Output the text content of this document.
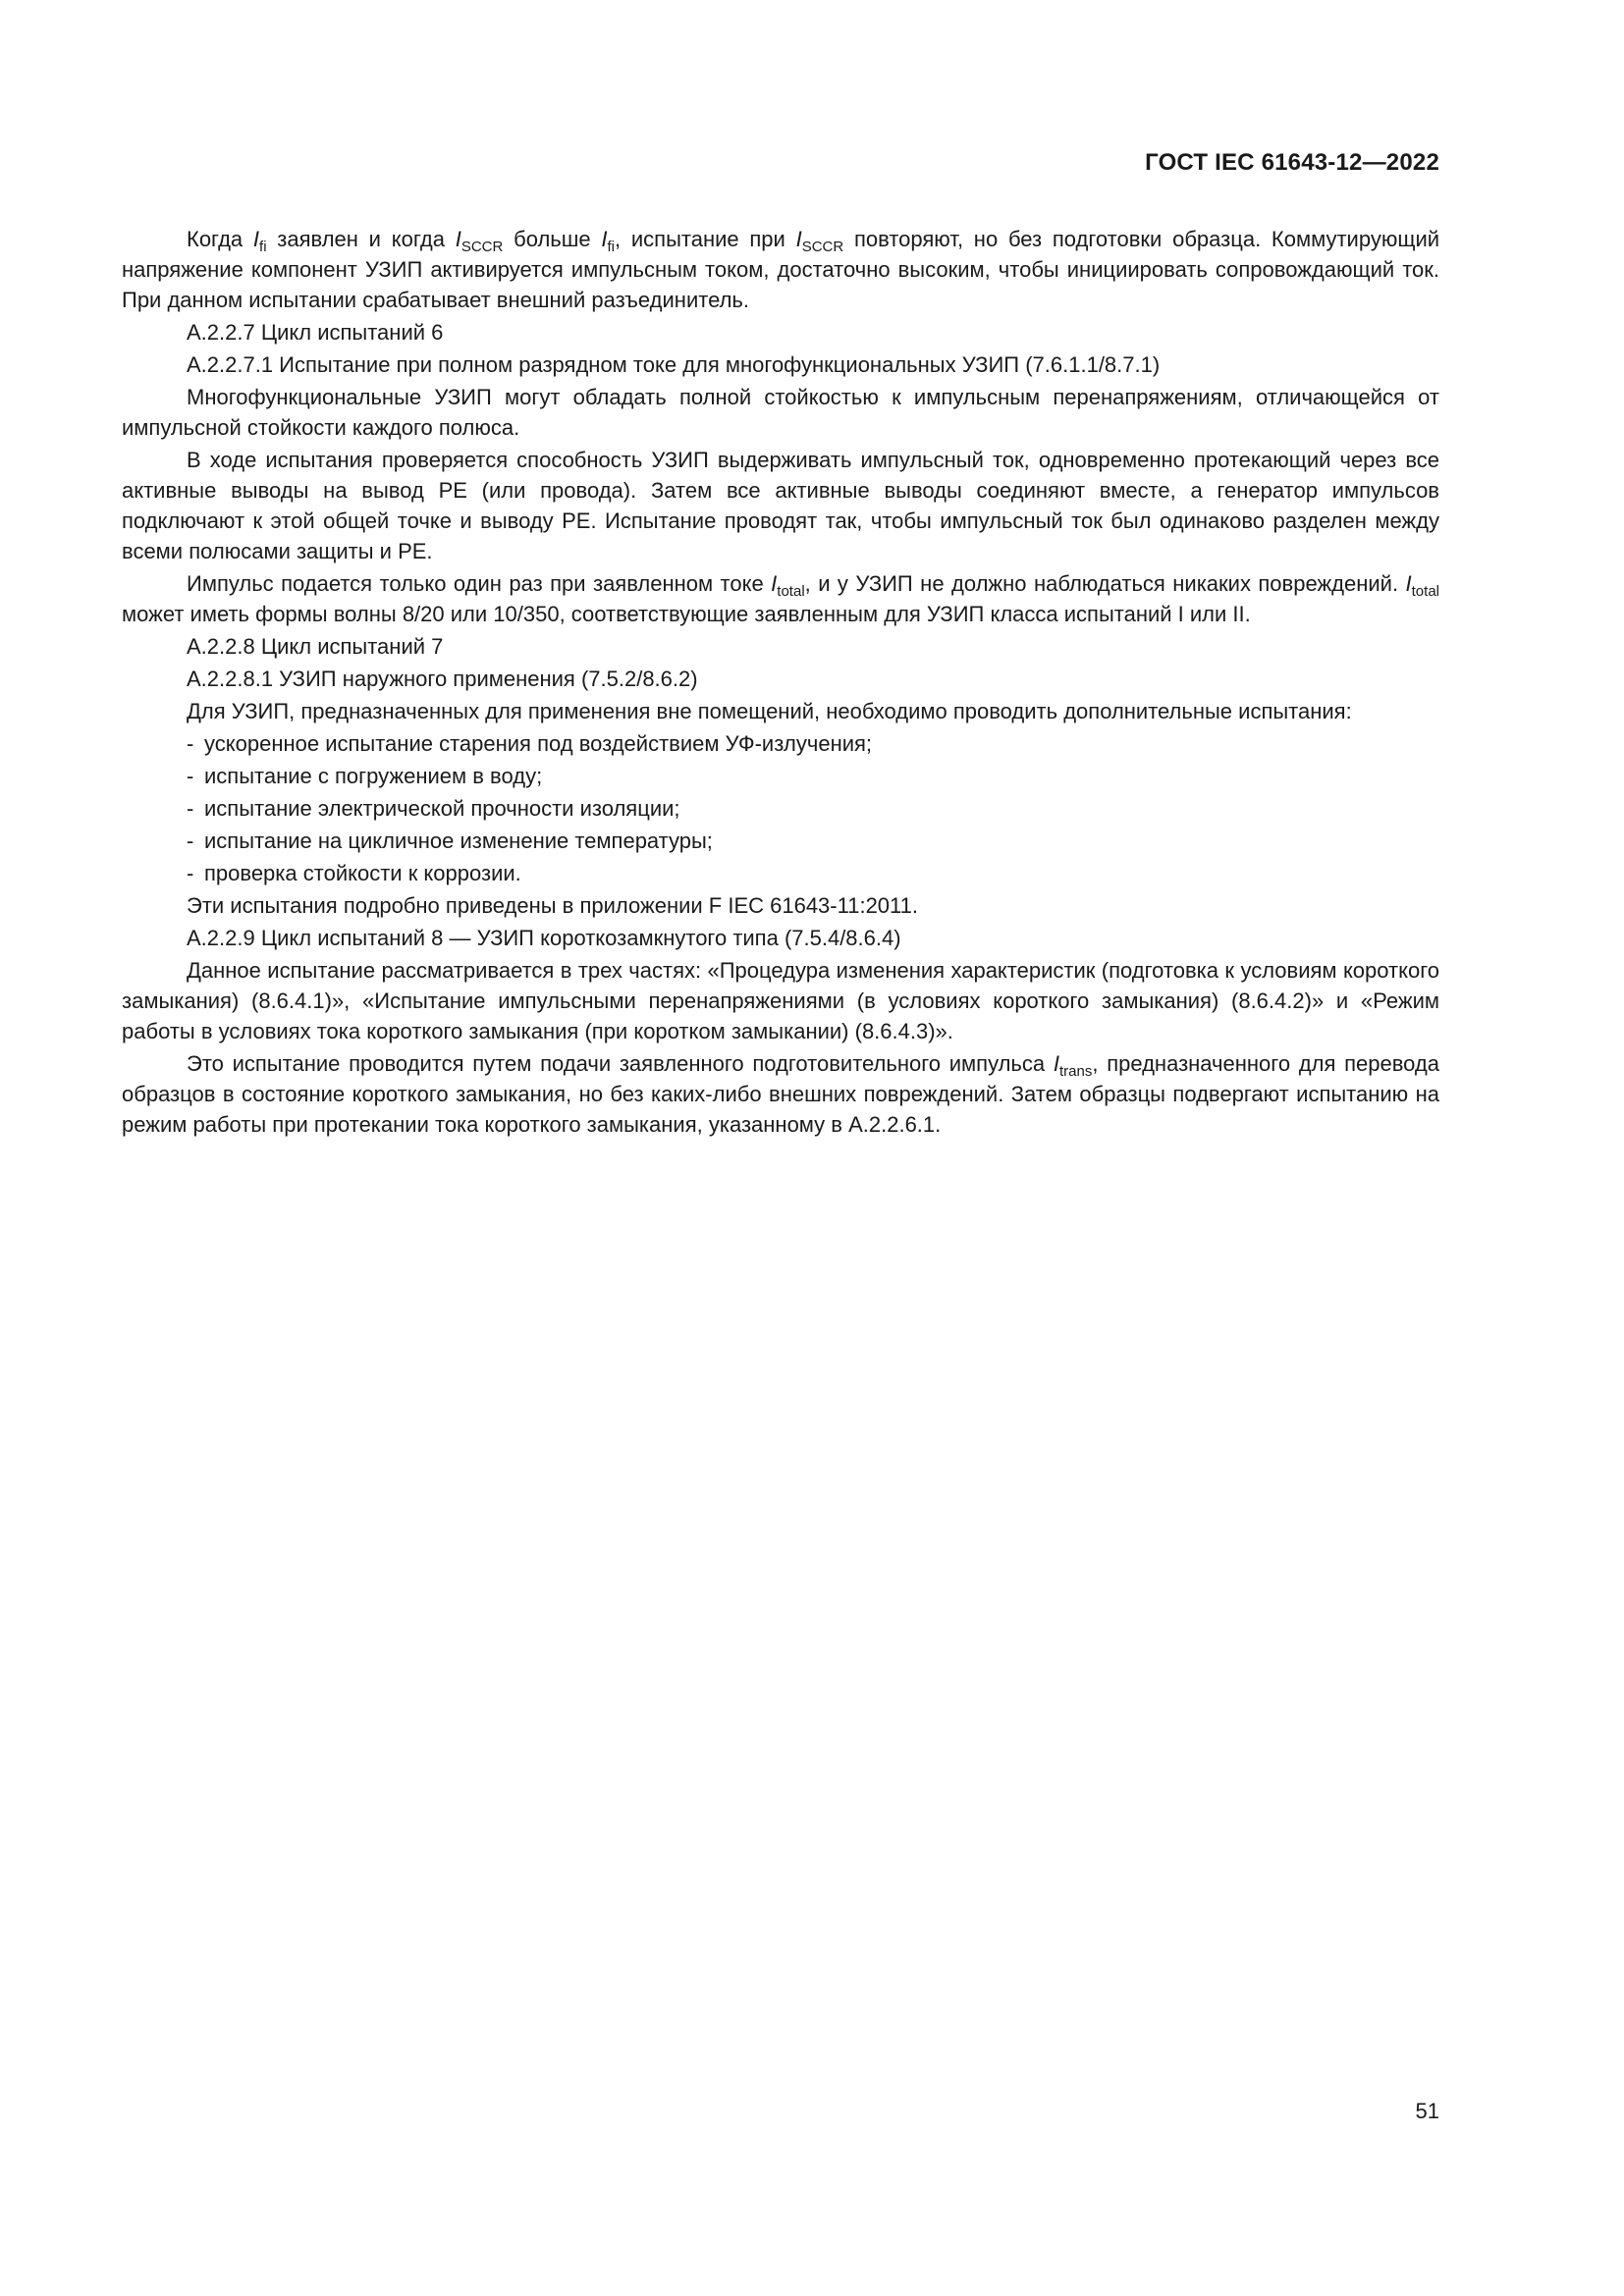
ГОСТ IEC 61643-12—2022

Когда $I_{fi}$ заявлен и когда $I_{SCCR}$ больше $I_{fi}$, испытание при $I_{SCCR}$ повторяют, но без подготовки образца. Коммутирующий напряжение компонент УЗИП активируется импульсным током, достаточно высоким, чтобы инициировать сопровождающий ток. При данном испытании срабатывает внешний разъединитель.

А.2.2.7 Цикл испытаний 6

А.2.2.7.1 Испытание при полном разрядном токе для многофункциональных УЗИП (7.6.1.1/8.7.1)

Многофункциональные УЗИП могут обладать полной стойкостью к импульсным перенапряжениям, отличающейся от импульсной стойкости каждого полюса.

В ходе испытания проверяется способность УЗИП выдерживать импульсный ток, одновременно протекающий через все активные выводы на вывод PE (или провода). Затем все активные выводы соединяют вместе, а генератор импульсов подключают к этой общей точке и выводу PE. Испытание проводят так, чтобы импульсный ток был одинаково разделен между всеми полюсами защиты и PE.

Импульс подается только один раз при заявленном токе $I_{total}$, и у УЗИП не должно наблюдаться никаких повреждений. $I_{total}$ может иметь формы волны 8/20 или 10/350, соответствующие заявленным для УЗИП класса испытаний I или II.

А.2.2.8 Цикл испытаний 7

А.2.2.8.1 УЗИП наружного применения (7.5.2/8.6.2)

Для УЗИП, предназначенных для применения вне помещений, необходимо проводить дополнительные испытания:

- ускоренное испытание старения под воздействием УФ-излучения;

- испытание с погружением в воду;

- испытание электрической прочности изоляции;

- испытание на цикличное изменение температуры;

- проверка стойкости к коррозии.

Эти испытания подробно приведены в приложении F IEC 61643-11:2011.

А.2.2.9 Цикл испытаний 8 — УЗИП короткозамкнутого типа (7.5.4/8.6.4)

Данное испытание рассматривается в трех частях: «Процедура изменения характеристик (подготовка к условиям короткого замыкания) (8.6.4.1)», «Испытание импульсными перенапряжениями (в условиях короткого замыкания) (8.6.4.2)» и «Режим работы в условиях тока короткого замыкания (при коротком замыкании) (8.6.4.3)».

Это испытание проводится путем подачи заявленного подготовительного импульса $I_{trans}$, предназначенного для перевода образцов в состояние короткого замыкания, но без каких-либо внешних повреждений. Затем образцы подвергают испытанию на режим работы при протекании тока короткого замыкания, указанному в А.2.2.6.1.

51
